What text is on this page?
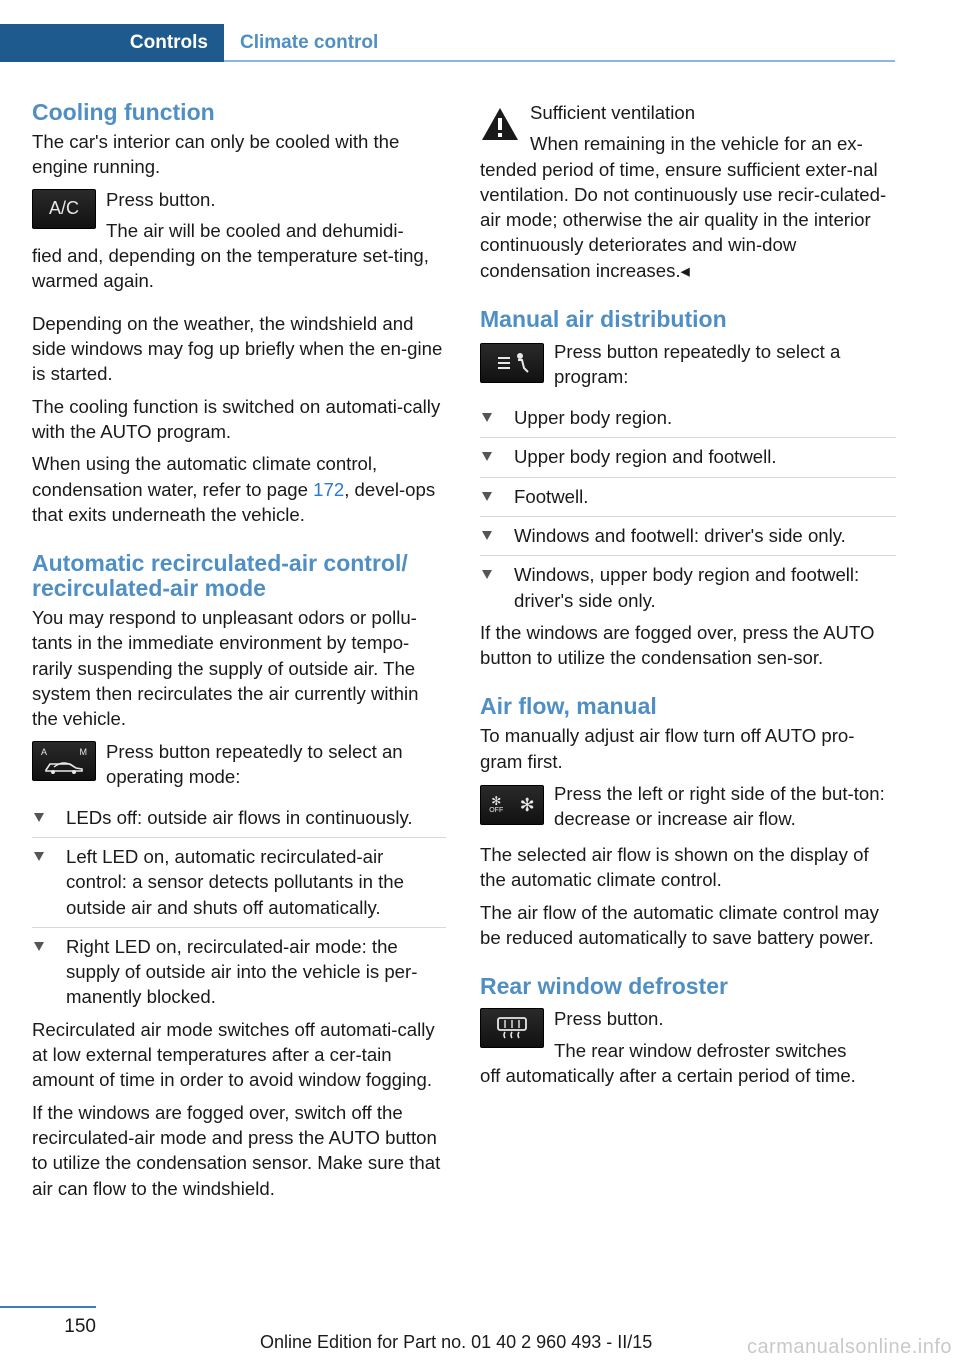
Controls	Climate control
Cooling function

The car's interior can only be cooled with the engine running.

A/C	Press button.

The air will be cooled and dehumidi-

fied and, depending on the temperature set-ting, warmed again.

Depending on the weather, the windshield and side windows may fog up briefly when the en-gine is started.

The cooling function is switched on automati-cally with the AUTO program.

When using the automatic climate control, condensation water, refer to page 172, devel-ops that exits underneath the vehicle.

Automatic recirculated-air control/ recirculated-air mode

You may respond to unpleasant odors or pollu-tants in the immediate environment by tempo-rarily suspending the supply of outside air. The system then recirculates the air currently within the vehicle.

A	M	Press button repeatedly to select an operating mode:

LEDs off: outside air flows in continuously.
Left LED on, automatic recirculated-air control: a sensor detects pollutants in the outside air and shuts off automatically.
Right LED on, recirculated-air mode: the supply of outside air into the vehicle is per-manently blocked.

Recirculated air mode switches off automati-cally at low external temperatures after a cer-tain amount of time in order to avoid window fogging.

If the windows are fogged over, switch off the recirculated-air mode and press the AUTO button to utilize the condensation sensor. Make sure that air can flow to the windshield.

Sufficient ventilation

When remaining in the vehicle for an ex-

tended period of time, ensure sufficient exter-nal ventilation. Do not continuously use recir-culated-air mode; otherwise the air quality in the interior continuously deteriorates and win-dow condensation increases.◂

Manual air distribution

Press button repeatedly to select a program:

Upper body region.
Upper body region and footwell.
Footwell.
Windows and footwell: driver's side only.
Windows, upper body region and footwell: driver's side only.

If the windows are fogged over, press the AUTO button to utilize the condensation sen-sor.

Air flow, manual

To manually adjust air flow turn off AUTO pro-gram first.

✻
OFF ✻

Press the left or right side of the but-ton: decrease or increase air flow.

The selected air flow is shown on the display of the automatic climate control.

The air flow of the automatic climate control may be reduced automatically to save battery power.

Rear window defroster

Press button.

The rear window defroster switches

off automatically after a certain period of time.

150
Online Edition for Part no. 01 40 2 960 493 - II/15	carmanualsonline.info
